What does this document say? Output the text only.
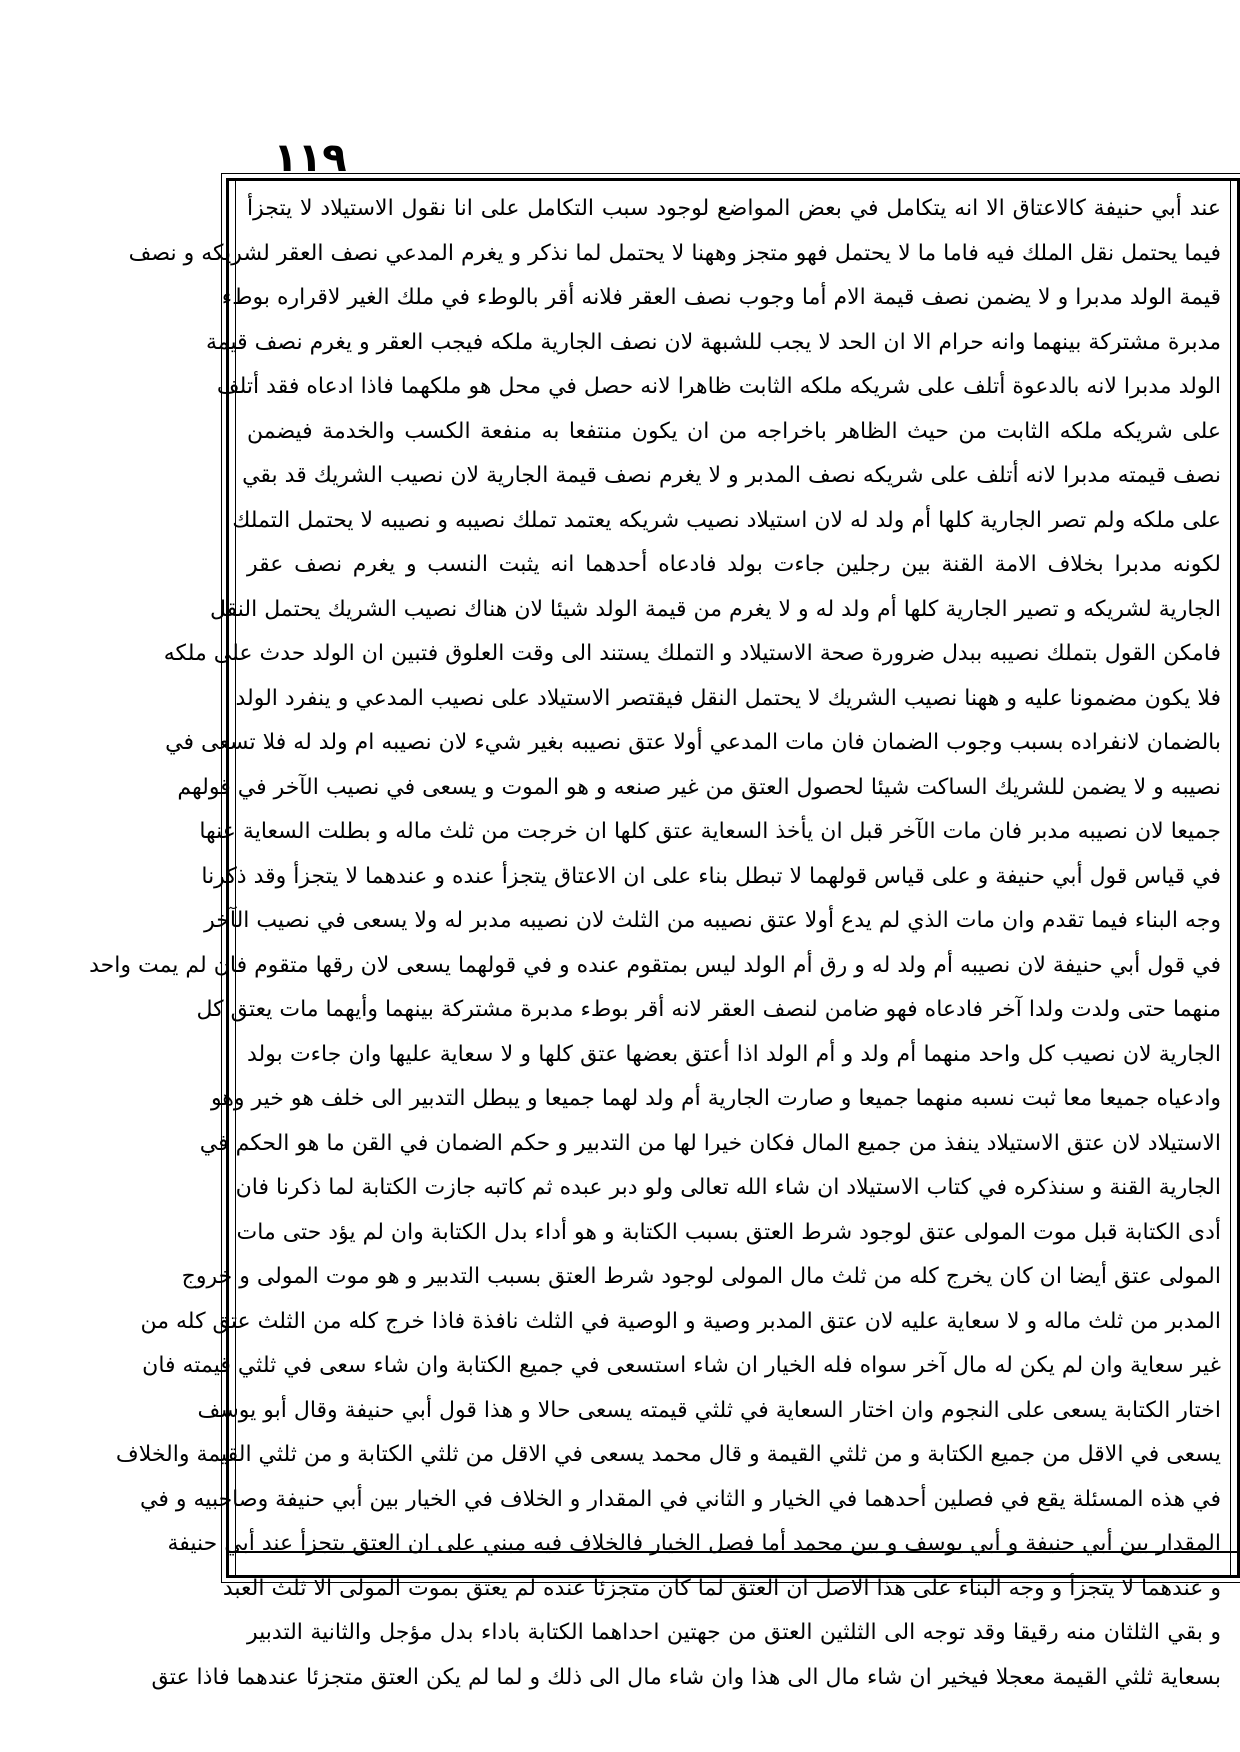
١١٩
عند أبي حنيفة كالاعتاق الا انه يتكامل في بعض المواضع لوجود سبب التكامل على انا نقول الاستيلاد لا يتجزأ
فيما يحتمل نقل الملك فيه فاما ما لا يحتمل فهو متجز وههنا لا يحتمل لما نذكر و يغرم المدعي نصف العقر لشريكه و نصف
قيمة الولد مدبرا و لا يضمن نصف قيمة الام أما وجوب نصف العقر فلانه أقر بالوطء في ملك الغير لاقراره بوطء
مدبرة مشتركة بينهما وانه حرام الا ان الحد لا يجب للشبهة لان نصف الجارية ملكه فيجب العقر و يغرم نصف قيمة
الولد مدبرا لانه بالدعوة أتلف على شريكه ملكه الثابت ظاهرا لانه حصل في محل هو ملكهما فاذا ادعاه فقد أتلف
على شريكه ملكه الثابت من حيث الظاهر باخراجه من ان يكون منتفعا به منفعة الكسب والخدمة فيضمن
نصف قيمته مدبرا لانه أتلف على شريكه نصف المدبر و لا يغرم نصف قيمة الجارية لان نصيب الشريك قد بقي
على ملكه ولم تصر الجارية كلها أم ولد له لان استيلاد نصيب شريكه يعتمد تملك نصيبه و نصيبه لا يحتمل التملك
لكونه مدبرا بخلاف الامة القنة بين رجلين جاءت بولد فادعاه أحدهما انه يثبت النسب و يغرم نصف عقر
الجارية لشريكه و تصير الجارية كلها أم ولد له و لا يغرم من قيمة الولد شيئا لان هناك نصيب الشريك يحتمل النقل
فامكن القول بتملك نصيبه ببدل ضرورة صحة الاستيلاد و التملك يستند الى وقت العلوق فتبين ان الولد حدث على ملكه
فلا يكون مضمونا عليه و ههنا نصيب الشريك لا يحتمل النقل فيقتصر الاستيلاد على نصيب المدعي و ينفرد الولد
بالضمان لانفراده بسبب وجوب الضمان فان مات المدعي أولا عتق نصيبه بغير شيء لان نصيبه ام ولد له فلا تسعى في
نصيبه و لا يضمن للشريك الساكت شيئا لحصول العتق من غير صنعه و هو الموت و يسعى في نصيب الآخر في قولهم
جميعا لان نصيبه مدبر فان مات الآخر قبل ان يأخذ السعاية عتق كلها ان خرجت من ثلث ماله و بطلت السعاية عنها
في قياس قول أبي حنيفة و على قياس قولهما لا تبطل بناء على ان الاعتاق يتجزأ عنده و عندهما لا يتجزأ وقد ذكرنا
وجه البناء فيما تقدم وان مات الذي لم يدع أولا عتق نصيبه من الثلث لان نصيبه مدبر له ولا يسعى في نصيب الآخر
في قول أبي حنيفة لان نصيبه أم ولد له و رق أم الولد ليس بمتقوم عنده و في قولهما يسعى لان رقها متقوم فان لم يمت واحد
منهما حتى ولدت ولدا آخر فادعاه فهو ضامن لنصف العقر لانه أقر بوطء مدبرة مشتركة بينهما وأيهما مات يعتق كل
الجارية لان نصيب كل واحد منهما أم ولد و أم الولد اذا أعتق بعضها عتق كلها و لا سعاية عليها وان جاءت بولد
وادعياه جميعا معا ثبت نسبه منهما جميعا و صارت الجارية أم ولد لهما جميعا و يبطل التدبير الى خلف هو خير وهو
الاستيلاد لان عتق الاستيلاد ينفذ من جميع المال فكان خيرا لها من التدبير و حكم الضمان في القن ما هو الحكم في
الجارية القنة و سنذكره في كتاب الاستيلاد ان شاء الله تعالى ولو دبر عبده ثم كاتبه جازت الكتابة لما ذكرنا فان
أدى الكتابة قبل موت المولى عتق لوجود شرط العتق بسبب الكتابة و هو أداء بدل الكتابة وان لم يؤد حتى مات
المولى عتق أيضا ان كان يخرج كله من ثلث مال المولى لوجود شرط العتق بسبب التدبير و هو موت المولى و خروج
المدبر من ثلث ماله و لا سعاية عليه لان عتق المدبر وصية و الوصية في الثلث نافذة فاذا خرج كله من الثلث عتق كله من
غير سعاية وان لم يكن له مال آخر سواه فله الخيار ان شاء استسعى في جميع الكتابة وان شاء سعى في ثلثي قيمته فان
اختار الكتابة يسعى على النجوم وان اختار السعاية في ثلثي قيمته يسعى حالا و هذا قول أبي حنيفة وقال أبو يوسف
يسعى في الاقل من جميع الكتابة و من ثلثي القيمة و قال محمد يسعى في الاقل من ثلثي الكتابة و من ثلثي القيمة والخلاف
في هذه المسئلة يقع في فصلين أحدهما في الخيار و الثاني في المقدار و الخلاف في الخيار بين أبي حنيفة وصاحبيه و في
المقدار بين أبي حنيفة و أبي يوسف و بين محمد أما فصل الخيار فالخلاف فيه مبني على ان العتق يتجزأ عند أبي حنيفة
و عندهما لا يتجزأ و وجه البناء على هذا الاصل ان العتق لما كان متجزئا عنده لم يعتق بموت المولى الا ثلث العبد
و بقي الثلثان منه رقيقا وقد توجه الى الثلثين العتق من جهتين احداهما الكتابة باداء بدل مؤجل والثانية التدبير
بسعاية ثلثي القيمة معجلا فيخير ان شاء مال الى هذا وان شاء مال الى ذلك و لما لم يكن العتق متجزئا عندهما فاذا عتق
